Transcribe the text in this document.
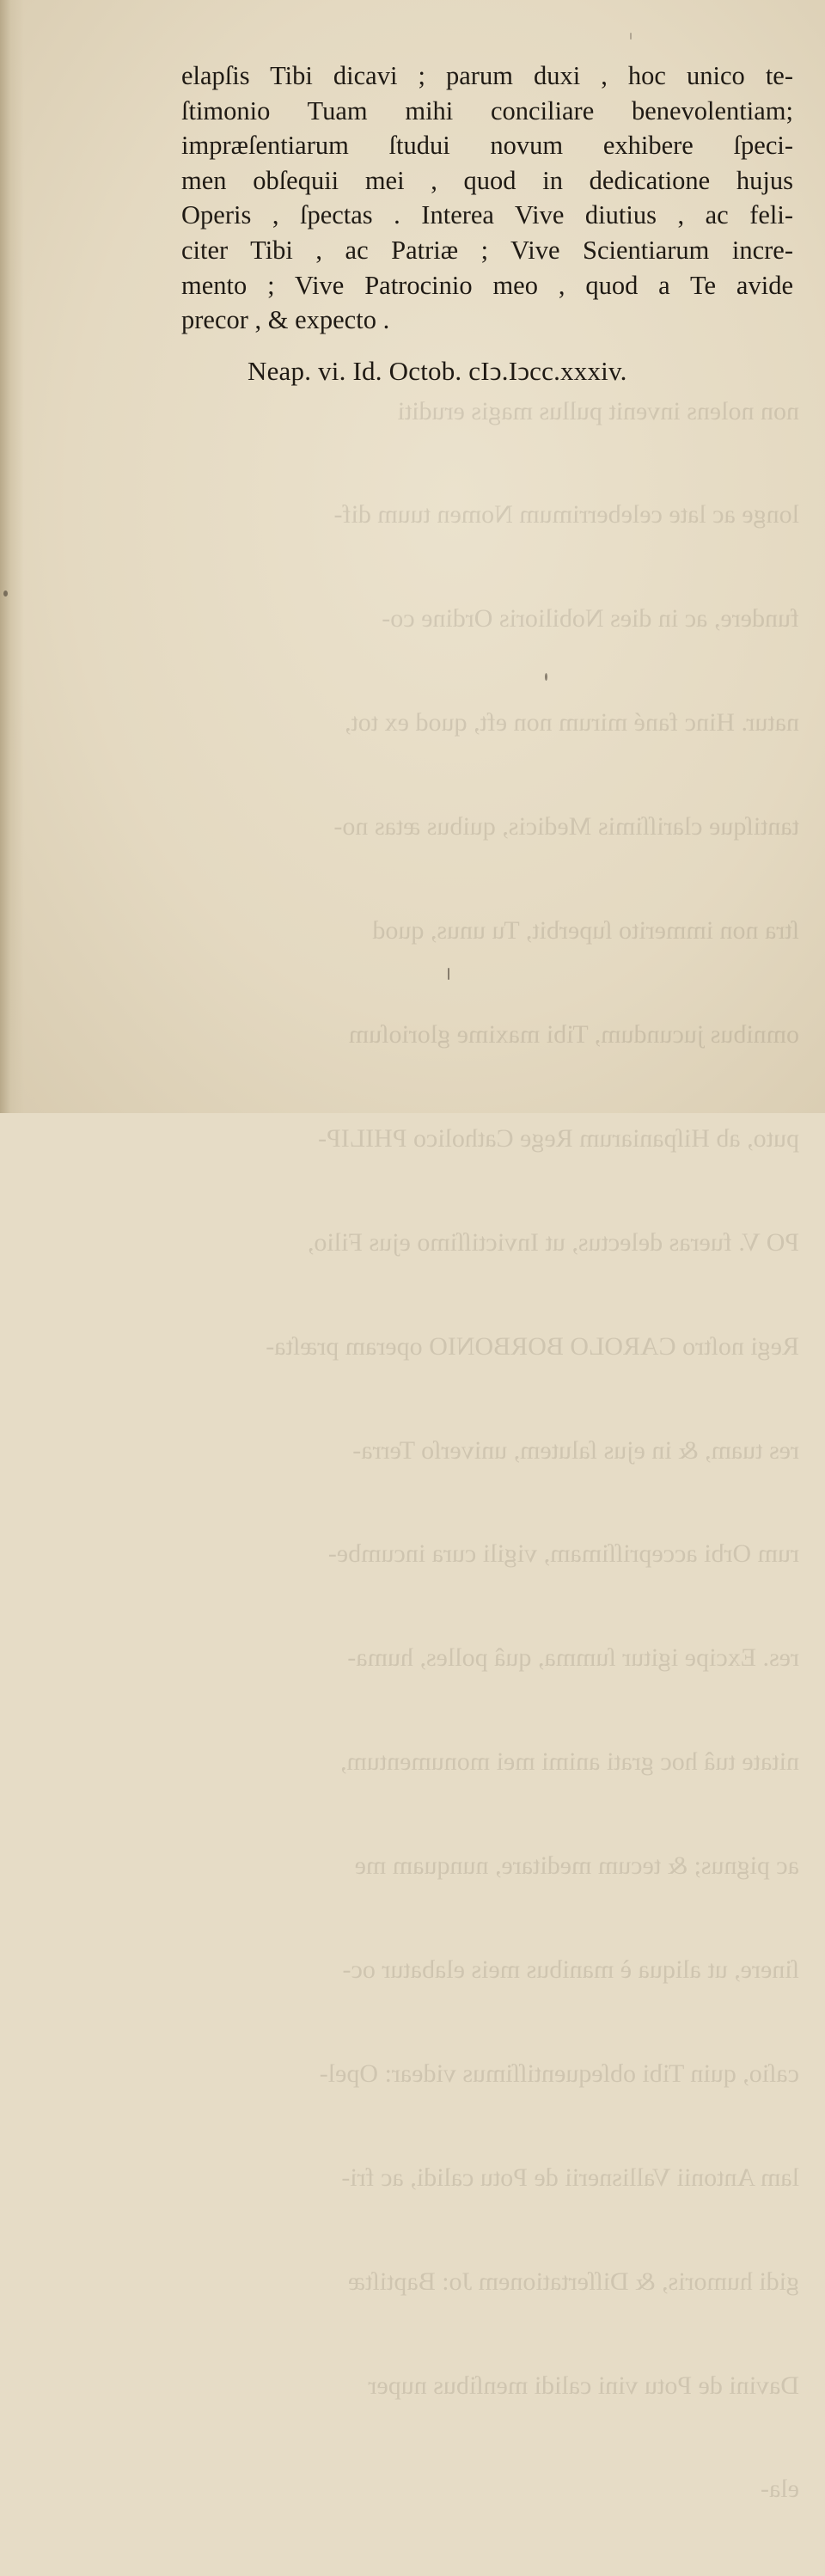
non nolens invenit pullus magis eruditi

longe ac late celeberrimum Nomen tuum dif-

fundere, ac in dies Nobilioris Ordine co-

natur. Hinc fané mirum non eft, quod ex tot,

tantiſque clariſſimis Medicis, quibus ætas no-

ſtra non immerito ſuperbit, Tu unus, quod

omnibus jucundum, Tibi maxime glorioſum

puto, ab Hiſpaniarum Rege Catholico PHILIP-

PO V. fueras delectus, ut Invictiſſimo ejus Filio,

Regi noſtro CAROLO BORBONIO operam præſta-

res tuam, & in ejus ſalutem, univerſo Terra-

rum Orbi accepriſſimam, vigili cura incumbe-

res. Excipe igitur ſumma, quâ polles, huma-

nitate tuâ hoc grati animi mei monumentum,

ac pignus; & tecum meditare, nunquam me

ſinere, ut aliqua è manibus meis elabatur oc-

caſio, quin Tibi obſequentiſſimus videar: Opel-

lam Antonii Vallisnerii de Potu calidi, ac fri-

gidi humoris, & Diſſertationem Jo: Baptiſtæ

Davini de Potu vini calidi menſibus nuper

ela-

elapſis Tibi dicavi ; parum duxi , hoc unico te-
ſtimonio Tuam mihi conciliare benevolentiam;
impræſentiarum ſtudui novum exhibere ſpeci-
men obſequii mei , quod in dedicatione hujus
Operis , ſpectas . Interea Vive diutius , ac feli-
citer Tibi , ac Patriæ ; Vive Scientiarum incre-
mento ; Vive Patrocinio meo , quod a Te avide
precor , & expecto .
Neap. vi. Id. Octob. cIↄ.Iↄcc.xxxiv.
